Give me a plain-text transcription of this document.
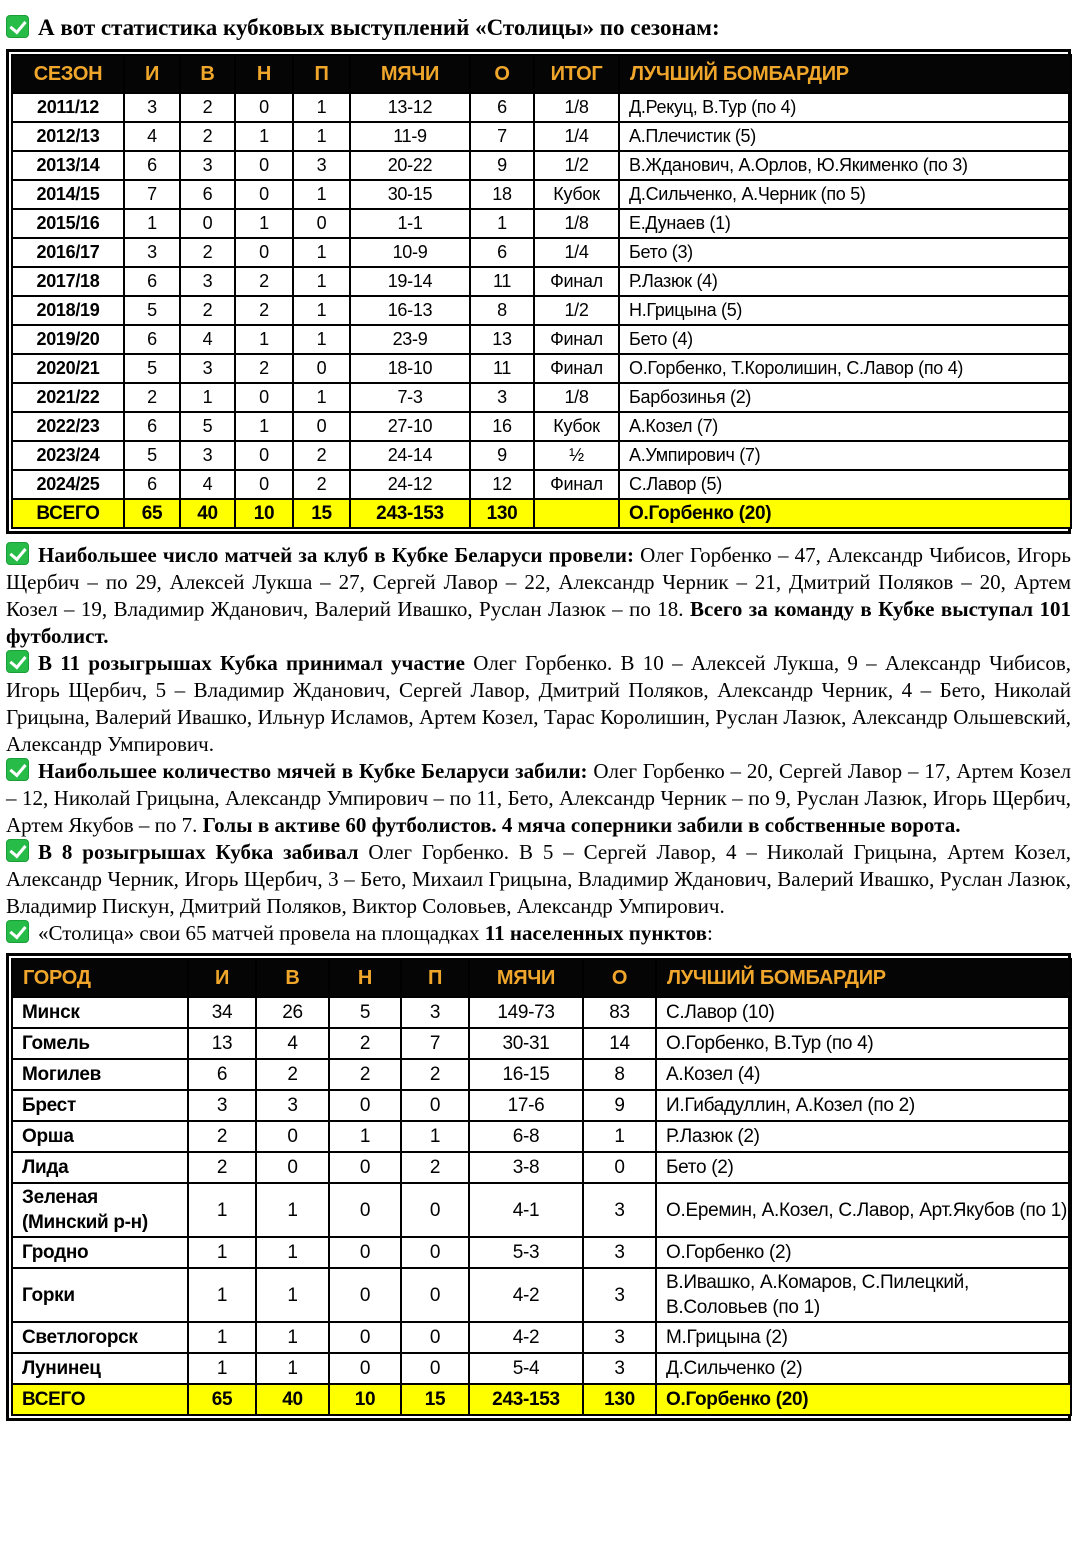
А вот статистика кубковых выступлений «Столицы» по сезонам:
СЕЗОН	И	В	Н	П	МЯЧИ	О	ИТОГ	ЛУЧШИЙ БОМБАРДИР
2011/12	3	2	0	1	13-12	6	1/8	Д.Рекуц, В.Тур (по 4)
2012/13	4	2	1	1	11-9	7	1/4	А.Плечистик (5)
2013/14	6	3	0	3	20-22	9	1/2	В.Жданович, А.Орлов, Ю.Якименко (по 3)
2014/15	7	6	0	1	30-15	18	Кубок	Д.Сильченко, А.Черник (по 5)
2015/16	1	0	1	0	1-1	1	1/8	Е.Дунаев (1)
2016/17	3	2	0	1	10-9	6	1/4	Бето (3)
2017/18	6	3	2	1	19-14	11	Финал	Р.Лазюк (4)
2018/19	5	2	2	1	16-13	8	1/2	Н.Грицына (5)
2019/20	6	4	1	1	23-9	13	Финал	Бето (4)
2020/21	5	3	2	0	18-10	11	Финал	О.Горбенко, Т.Королишин, С.Лавор (по 4)
2021/22	2	1	0	1	7-3	3	1/8	Барбозинья (2)
2022/23	6	5	1	0	27-10	16	Кубок	А.Козел (7)
2023/24	5	3	0	2	24-14	9	½	А.Умпирович (7)
2024/25	6	4	0	2	24-12	12	Финал	С.Лавор (5)
ВСЕГО	65	40	10	15	243-153	130		О.Горбенко (20)
Наибольшее число матчей за клуб в Кубке Беларуси провели: Олег Горбенко – 47, Александр Чибисов, Игорь Щербич – по 29, Алексей Лукша – 27, Сергей Лавор – 22, Александр Черник – 21, Дмитрий Поляков – 20, Артем Козел – 19, Владимир Жданович, Валерий Ивашко, Руслан Лазюк – по 18. Всего за команду в Кубке выступал 101 футболист.
В 11 розыгрышах Кубка принимал участие Олег Горбенко. В 10 – Алексей Лукша, 9 – Александр Чибисов, Игорь Щербич, 5 – Владимир Жданович, Сергей Лавор, Дмитрий Поляков, Александр Черник, 4 – Бето, Николай Грицына, Валерий Ивашко, Ильнур Исламов, Артем Козел, Тарас Королишин, Руслан Лазюк, Александр Ольшевский, Александр Умпирович.
Наибольшее количество мячей в Кубке Беларуси забили: Олег Горбенко – 20, Сергей Лавор – 17, Артем Козел – 12, Николай Грицына, Александр Умпирович – по 11, Бето, Александр Черник – по 9, Руслан Лазюк, Игорь Щербич, Артем Якубов – по 7. Голы в активе 60 футболистов. 4 мяча соперники забили в собственные ворота.
В 8 розыгрышах Кубка забивал Олег Горбенко. В 5 – Сергей Лавор, 4 – Николай Грицына, Артем Козел, Александр Черник, Игорь Щербич, 3 – Бето, Михаил Грицына, Владимир Жданович, Валерий Ивашко, Руслан Лазюк, Владимир Пискун, Дмитрий Поляков, Виктор Соловьев, Александр Умпирович.
«Столица» свои 65 матчей провела на площадках 11 населенных пунктов:
ГОРОД	И	В	Н	П	МЯЧИ	О	ЛУЧШИЙ БОМБАРДИР
Минск	34	26	5	3	149-73	83	С.Лавор (10)
Гомель	13	4	2	7	30-31	14	О.Горбенко, В.Тур (по 4)
Могилев	6	2	2	2	16-15	8	А.Козел (4)
Брест	3	3	0	0	17-6	9	И.Гибадуллин, А.Козел (по 2)
Орша	2	0	1	1	6-8	1	Р.Лазюк (2)
Лида	2	0	0	2	3-8	0	Бето (2)
Зеленая (Минский р-н)	1	1	0	0	4-1	3	О.Еремин, А.Козел, С.Лавор, Арт.Якубов (по 1)
Гродно	1	1	0	0	5-3	3	О.Горбенко (2)
Горки	1	1	0	0	4-2	3	В.Ивашко, А.Комаров, С.Пилецкий, В.Соловьев (по 1)
Светлогорск	1	1	0	0	4-2	3	М.Грицына (2)
Лунинец	1	1	0	0	5-4	3	Д.Сильченко (2)
ВСЕГО	65	40	10	15	243-153	130	О.Горбенко (20)
